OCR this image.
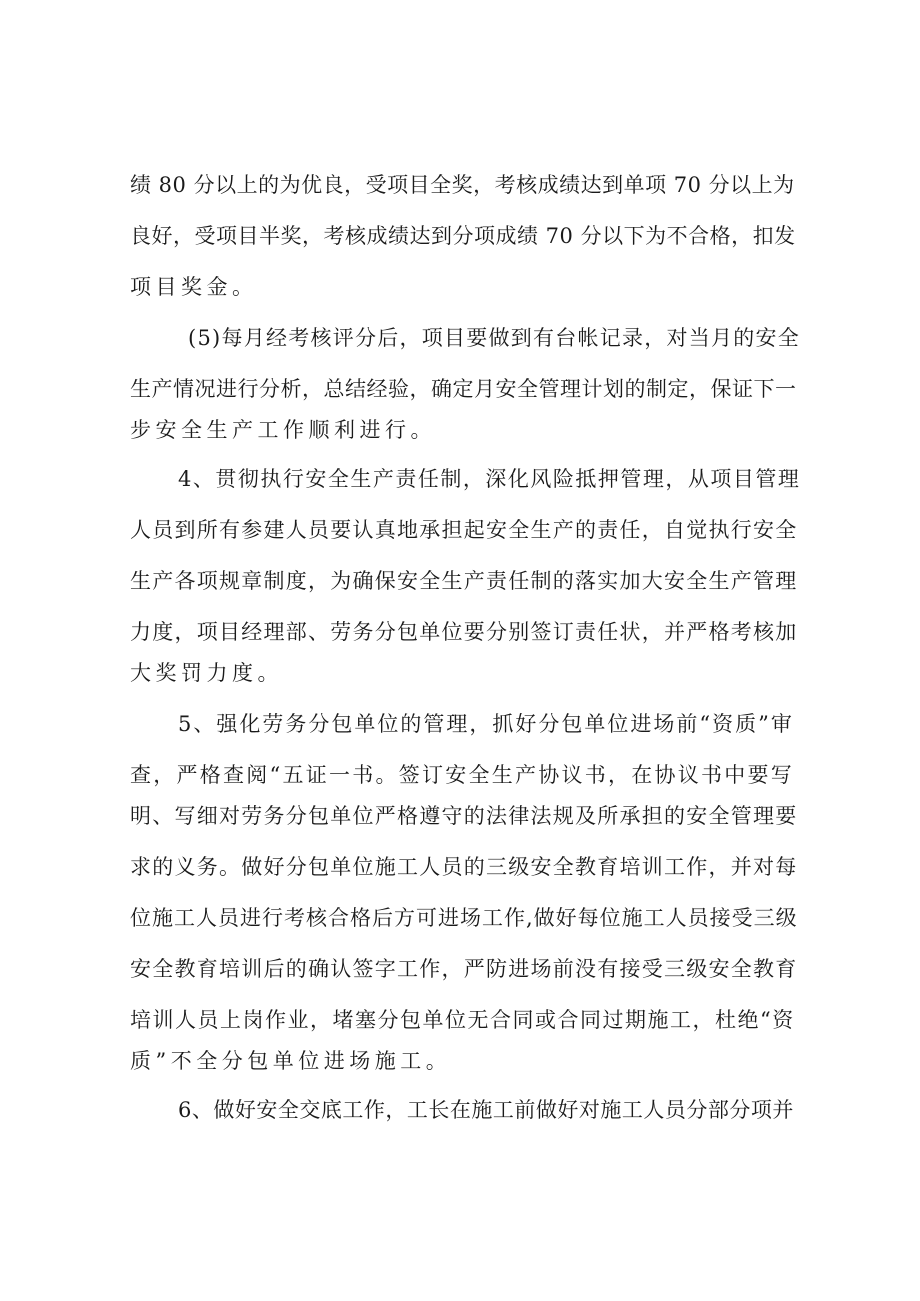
绩 80 分以上的为优良，受项目全奖，考核成绩达到单项 70 分以上为
良好，受项目半奖，考核成绩达到分项成绩 70 分以下为不合格，扣发
项目奖金。
(5)每月经考核评分后，项目要做到有台帐记录，对当月的安全
生产情况进行分析，总结经验，确定月安全管理计划的制定，保证下一
步安全生产工作顺利进行。
4、贯彻执行安全生产责任制，深化风险抵押管理，从项目管理
人员到所有参建人员要认真地承担起安全生产的责任，自觉执行安全
生产各项规章制度，为确保安全生产责任制的落实加大安全生产管理
力度，项目经理部、劳务分包单位要分别签订责任状，并严格考核加
大奖罚力度。
5、强化劳务分包单位的管理，抓好分包单位进场前“资质”审
查，严格查阅“五证一书。签订安全生产协议书，在协议书中要写
明、写细对劳务分包单位严格遵守的法律法规及所承担的安全管理要
求的义务。做好分包单位施工人员的三级安全教育培训工作，并对每
位施工人员进行考核合格后方可进场工作,做好每位施工人员接受三级
安全教育培训后的确认签字工作，严防进场前没有接受三级安全教育
培训人员上岗作业，堵塞分包单位无合同或合同过期施工，杜绝“资
质”不全分包单位进场施工。
6、做好安全交底工作，工长在施工前做好对施工人员分部分项并
